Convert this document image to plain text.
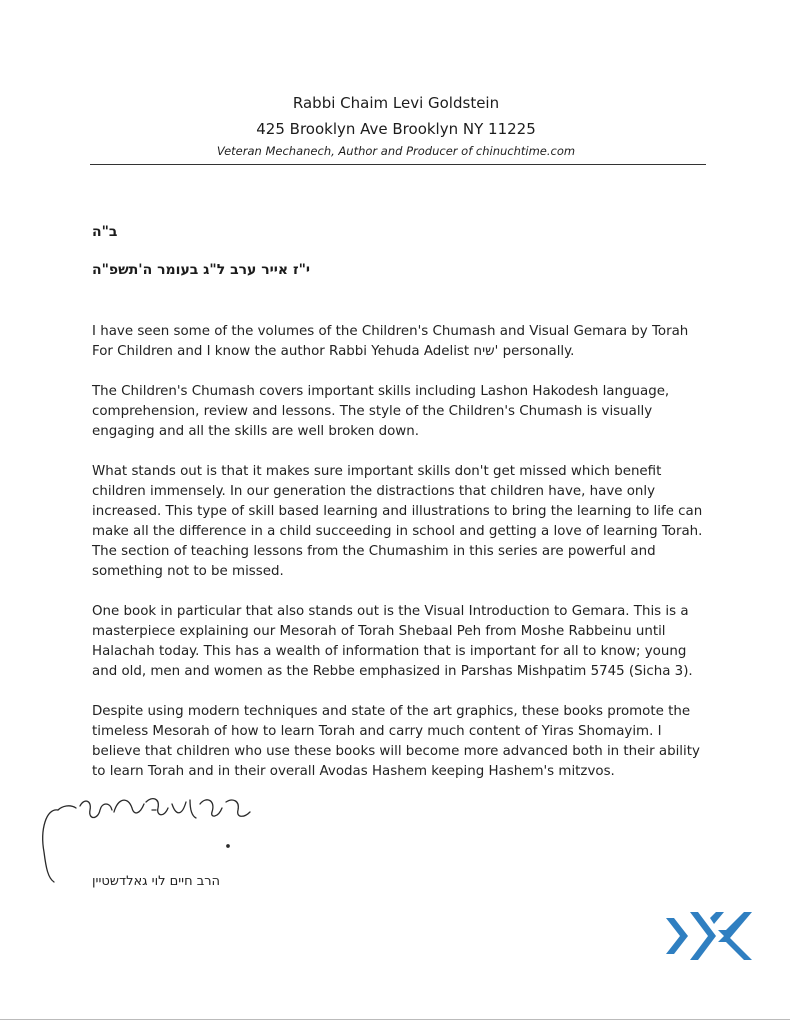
Rabbi Chaim Levi Goldstein
425 Brooklyn Ave Brooklyn NY 11225
Veteran Mechanech, Author and Producer of chinuchtime.com
ב"ה
י"ז אייר ערב ל"ג בעומר ה'תשפ"ה

I have seen some of the volumes of the Children's Chumash and Visual Gemara by Torah For Children and I know the author Rabbi Yehuda Adelist שיח' personally.

The Children's Chumash covers important skills including Lashon Hakodesh language, comprehension, review and lessons. The style of the Children's Chumash is visually engaging and all the skills are well broken down.

What stands out is that it makes sure important skills don't get missed which benefit children immensely. In our generation the distractions that children have, have only increased. This type of skill based learning and illustrations to bring the learning to life can make all the difference in a child succeeding in school and getting a love of learning Torah. The section of teaching lessons from the Chumashim in this series are powerful and something not to be missed.

One book in particular that also stands out is the Visual Introduction to Gemara. This is a masterpiece explaining our Mesorah of Torah Shebaal Peh from Moshe Rabbeinu until Halachah today. This has a wealth of information that is important for all to know; young and old, men and women as the Rebbe emphasized in Parshas Mishpatim 5745 (Sicha 3).

Despite using modern techniques and state of the art graphics, these books promote the timeless Mesorah of how to learn Torah and carry much content of Yiras Shomayim. I believe that children who use these books will become more advanced both in their ability to learn Torah and in their overall Avodas Hashem keeping Hashem's mitzvos.

הרב חיים לוי גאלדשטיין
